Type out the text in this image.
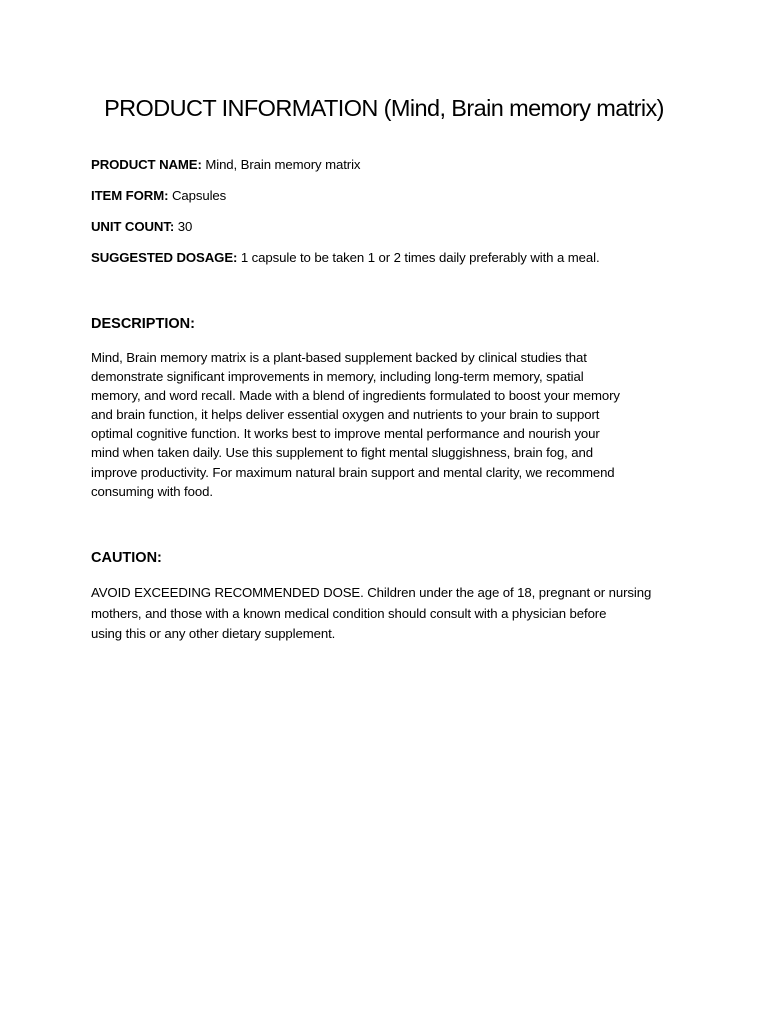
PRODUCT INFORMATION (Mind, Brain memory matrix)

PRODUCT NAME: Mind, Brain memory matrix

ITEM FORM: Capsules

UNIT COUNT: 30

SUGGESTED DOSAGE: 1 capsule to be taken 1 or 2 times daily preferably with a meal.

DESCRIPTION:

Mind, Brain memory matrix is a plant-based supplement backed by clinical studies that
demonstrate significant improvements in memory, including long-term memory, spatial
memory, and word recall. Made with a blend of ingredients formulated to boost your memory
and brain function, it helps deliver essential oxygen and nutrients to your brain to support
optimal cognitive function. It works best to improve mental performance and nourish your
mind when taken daily. Use this supplement to fight mental sluggishness, brain fog, and
improve productivity. For maximum natural brain support and mental clarity, we recommend
consuming with food.

CAUTION:

AVOID EXCEEDING RECOMMENDED DOSE. Children under the age of 18, pregnant or nursing
mothers, and those with a known medical condition should consult with a physician before
using this or any other dietary supplement.
